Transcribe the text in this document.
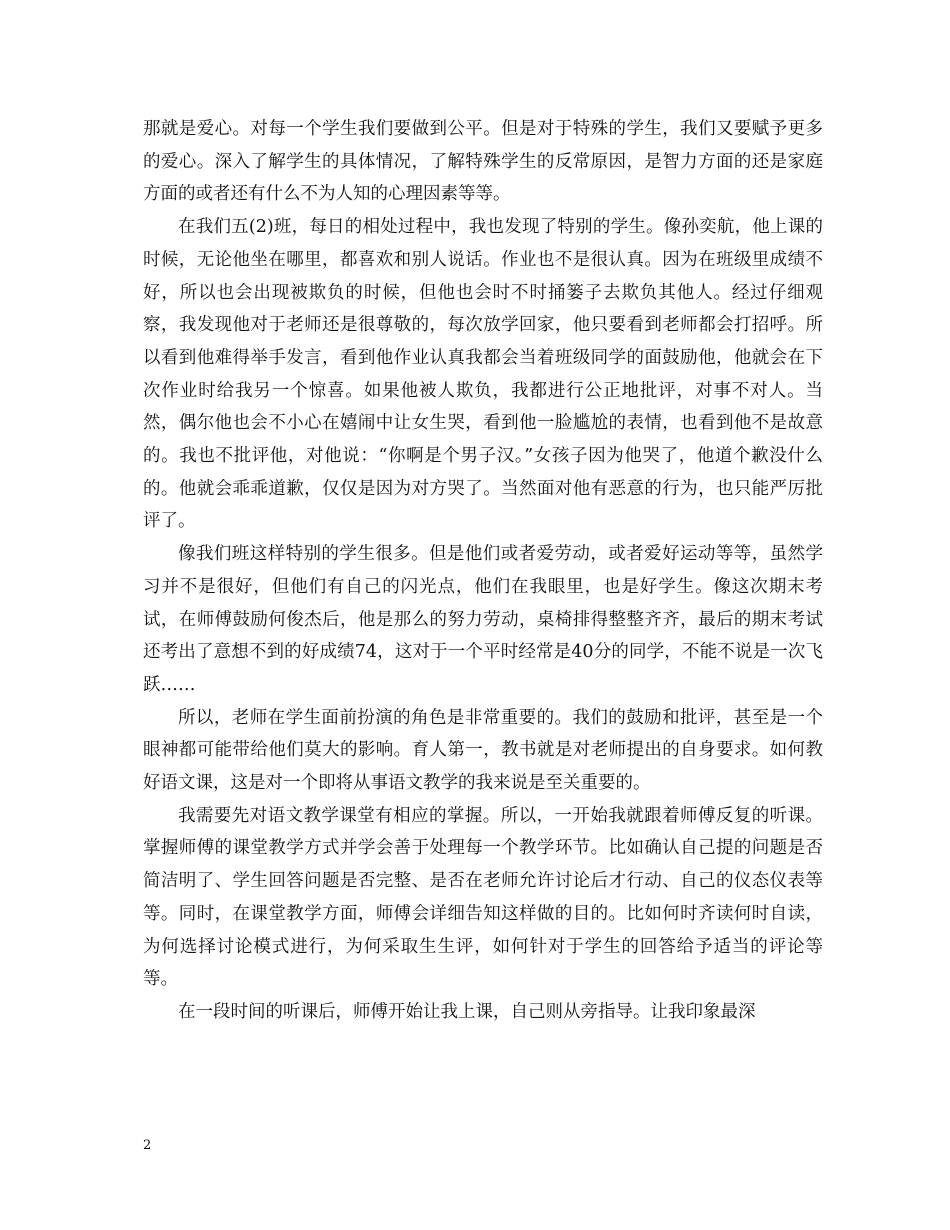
那就是爱心。对每一个学生我们要做到公平。但是对于特殊的学生，我们又要赋予更多的爱心。深入了解学生的具体情况，了解特殊学生的反常原因，是智力方面的还是家庭方面的或者还有什么不为人知的心理因素等等。

在我们五(2)班，每日的相处过程中，我也发现了特别的学生。像孙奕航，他上课的时候，无论他坐在哪里，都喜欢和别人说话。作业也不是很认真。因为在班级里成绩不好，所以也会出现被欺负的时候，但他也会时不时捅篓子去欺负其他人。经过仔细观察，我发现他对于老师还是很尊敬的，每次放学回家，他只要看到老师都会打招呼。所以看到他难得举手发言，看到他作业认真我都会当着班级同学的面鼓励他，他就会在下次作业时给我另一个惊喜。如果他被人欺负，我都进行公正地批评，对事不对人。当然，偶尔他也会不小心在嬉闹中让女生哭，看到他一脸尴尬的表情，也看到他不是故意的。我也不批评他，对他说：“你啊是个男子汉。”女孩子因为他哭了，他道个歉没什么的。他就会乖乖道歉，仅仅是因为对方哭了。当然面对他有恶意的行为，也只能严厉批评了。

像我们班这样特别的学生很多。但是他们或者爱劳动，或者爱好运动等等，虽然学习并不是很好，但他们有自己的闪光点，他们在我眼里，也是好学生。像这次期末考试，在师傅鼓励何俊杰后，他是那么的努力劳动，桌椅排得整整齐齐，最后的期末考试还考出了意想不到的好成绩74，这对于一个平时经常是40分的同学，不能不说是一次飞跃……

所以，老师在学生面前扮演的角色是非常重要的。我们的鼓励和批评，甚至是一个眼神都可能带给他们莫大的影响。育人第一，教书就是对老师提出的自身要求。如何教好语文课，这是对一个即将从事语文教学的我来说是至关重要的。

我需要先对语文教学课堂有相应的掌握。所以，一开始我就跟着师傅反复的听课。掌握师傅的课堂教学方式并学会善于处理每一个教学环节。比如确认自己提的问题是否简洁明了、学生回答问题是否完整、是否在老师允许讨论后才行动、自己的仪态仪表等等。同时，在课堂教学方面，师傅会详细告知这样做的目的。比如何时齐读何时自读，为何选择讨论模式进行，为何采取生生评，如何针对于学生的回答给予适当的评论等等。

在一段时间的听课后，师傅开始让我上课，自己则从旁指导。让我印象最深

2
